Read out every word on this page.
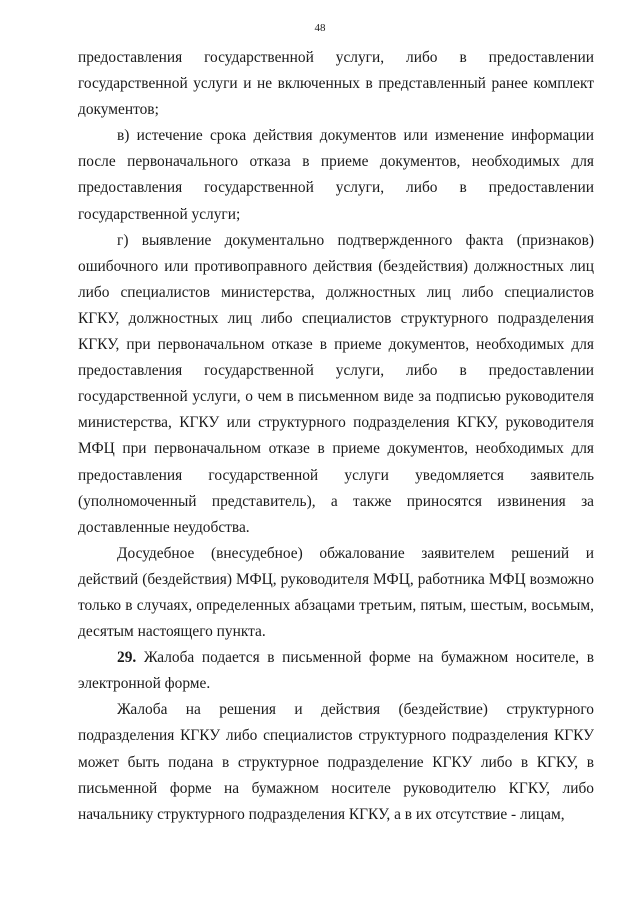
48

предоставления государственной услуги, либо в предоставлении государственной услуги и не включенных в представленный ранее комплект документов;

в) истечение срока действия документов или изменение информации после первоначального отказа в приеме документов, необходимых для предоставления государственной услуги, либо в предоставлении государственной услуги;

г) выявление документально подтвержденного факта (признаков) ошибочного или противоправного действия (бездействия) должностных лиц либо специалистов министерства, должностных лиц либо специалистов КГКУ, должностных лиц либо специалистов структурного подразделения КГКУ, при первоначальном отказе в приеме документов, необходимых для предоставления государственной услуги, либо в предоставлении государственной услуги, о чем в письменном виде за подписью руководителя министерства, КГКУ или структурного подразделения КГКУ, руководителя МФЦ при первоначальном отказе в приеме документов, необходимых для предоставления государственной услуги уведомляется заявитель (уполномоченный представитель), а также приносятся извинения за доставленные неудобства.

Досудебное (внесудебное) обжалование заявителем решений и действий (бездействия) МФЦ, руководителя МФЦ, работника МФЦ возможно только в случаях, определенных абзацами третьим, пятым, шестым, восьмым, десятым настоящего пункта.

29. Жалоба подается в письменной форме на бумажном носителе, в электронной форме.

Жалоба на решения и действия (бездействие) структурного подразделения КГКУ либо специалистов структурного подразделения КГКУ может быть подана в структурное подразделение КГКУ либо в КГКУ, в письменной форме на бумажном носителе руководителю КГКУ, либо начальнику структурного подразделения КГКУ, а в их отсутствие - лицам,
